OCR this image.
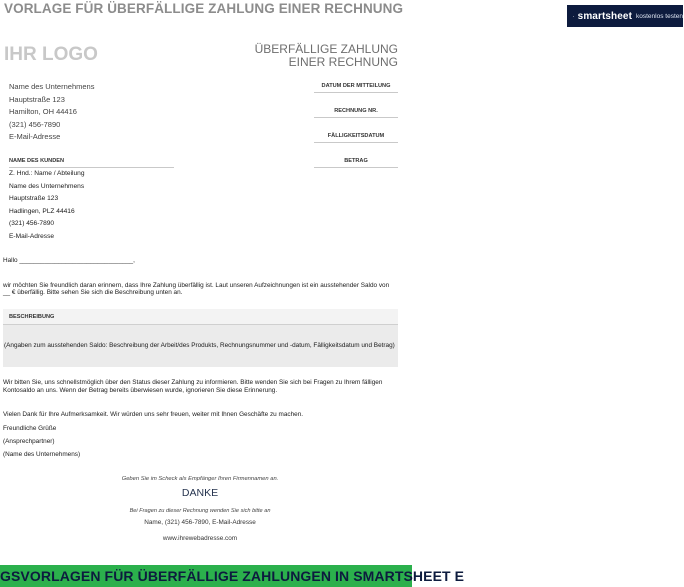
VORLAGE FÜR ÜBERFÄLLIGE ZAHLUNG EINER RECHNUNG	smartsheet kostenlos testen
IHR LOGO	ÜBERFÄLLIGE ZAHLUNG EINER RECHNUNG
Name des Unternehmens
Hauptstraße 123
Hamilton, OH 44416
(321) 456-7890
E-Mail-Adresse
DATUM DER MITTEILUNG
RECHNUNG NR.
FÄLLIGKEITSDATUM
BETRAG
NAME DES KUNDEN
Z. Hnd.: Name / Abteilung
Name des Unternehmens
Hauptstraße 123
Hadlingen, PLZ 44416
(321) 456-7890
E-Mail-Adresse
Hallo ________________________________,
wir möchten Sie freundlich daran erinnern, dass Ihre Zahlung überfällig ist. Laut unseren Aufzeichnungen ist ein ausstehender Saldo von
__ € überfällig. Bitte sehen Sie sich die Beschreibung unten an.
BESCHREIBUNG
(Angaben zum ausstehenden Saldo: Beschreibung der Arbeit/des Produkts, Rechnungsnummer und -datum, Fälligkeitsdatum und Betrag)
Wir bitten Sie, uns schnellstmöglich über den Status dieser Zahlung zu informieren. Bitte wenden Sie sich bei Fragen zu Ihrem fälligen
Kontosaldo an uns. Wenn der Betrag bereits überwiesen wurde, ignorieren Sie diese Erinnerung.
Vielen Dank für Ihre Aufmerksamkeit. Wir würden uns sehr freuen, weiter mit Ihnen Geschäfte zu machen.
Freundliche Grüße
(Ansprechpartner)
(Name des Unternehmens)
Geben Sie im Scheck als Empfänger Ihren Firmennamen an.
DANKE
Bei Fragen zu dieser Rechnung wenden Sie sich bitte an
Name, (321) 456-7890, E-Mail-Adresse
www.ihrewebadresse.com
GSVORLAGEN FÜR ÜBERFÄLLIGE ZAHLUNGEN IN SMARTSHEET E
